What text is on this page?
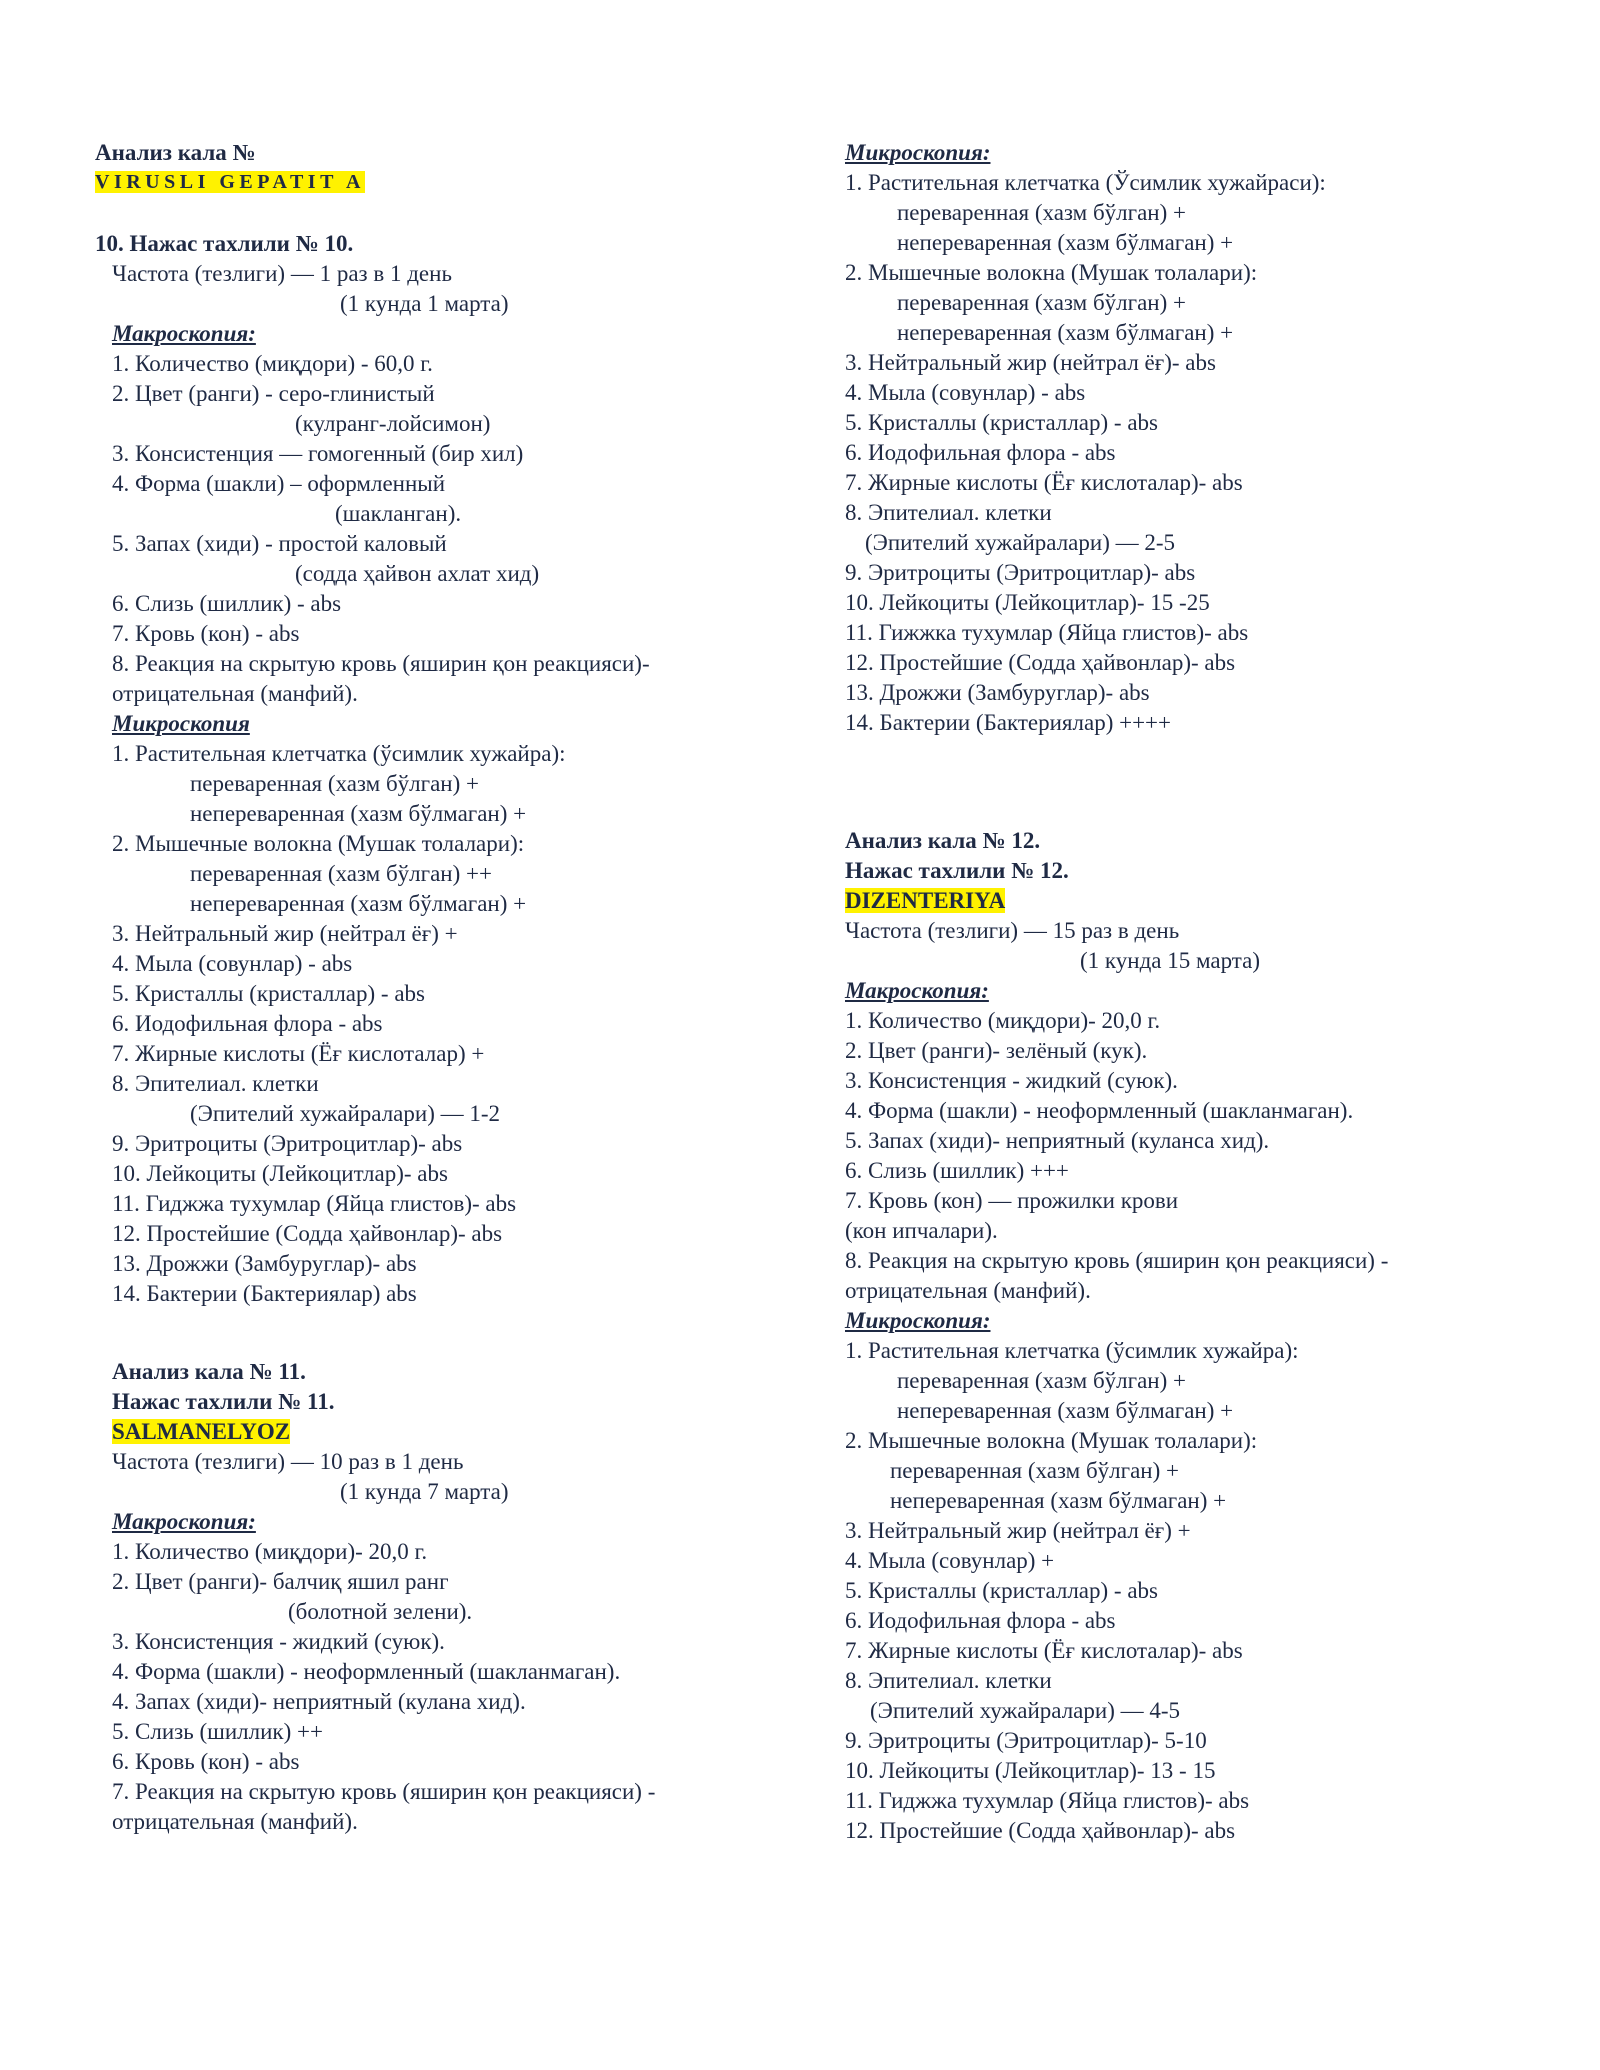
Анализ кала №
VIRUSLI GEPATIT A
10. Нажас тахлили № 10.
Частота (тезлиги) — 1 раз в 1 день
(1 кунда 1 марта)
Макроскопия:
1. Количество (миқдори) - 60,0 г.
2. Цвет (ранги) - серо-глинистый
(кулранг-лойсимон)
3. Консистенция — гомогенный (бир хил)
4. Форма (шакли) – оформленный
(шакланган).
5. Запах (хиди) - простой каловый
(содда ҳайвон ахлат хид)
6. Слизь (шиллик) - abs
7. Кровь (кон) - abs
8. Реакция на скрытую кровь (яширин қон реакцияси)-
отрицательная (манфий).
Микроскопия
1. Растительная клетчатка (ўсимлик хужайра):
переваренная (хазм бўлган) +
непереваренная (хазм бўлмаган) +
2. Мышечные волокна (Мушак толалари):
переваренная (хазм бўлган) ++
непереваренная (хазм бўлмаган) +
3. Нейтральный жир (нейтрал ёғ) +
4. Мыла (совунлар) - abs
5. Кристаллы (кристаллар) - abs
6. Иодофильная флора - abs
7. Жирные кислоты (Ёғ кислоталар) +
8. Эпителиал. клетки
(Эпителий хужайралари) — 1-2
9. Эритроциты (Эритроцитлар)- abs
10. Лейкоциты (Лейкоцитлар)- abs
11. Гиджжа тухумлар (Яйца глистов)- abs
12. Простейшие (Содда ҳайвонлар)- abs
13. Дрожжи (Замбуруглар)- abs
14. Бактерии (Бактериялар) abs
Анализ кала № 11.
Нажас тахлили № 11.
SALMANELYOZ
Частота (тезлиги) — 10 раз в 1 день
(1 кунда 7 марта)
Макроскопия:
1. Количество (миқдори)- 20,0 г.
2. Цвет (ранги)- балчиқ яшил ранг
(болотной зелени).
3. Консистенция - жидкий (суюк).
4. Форма (шакли) - неоформленный (шакланмаган).
4. Запах (хиди)- неприятный (кулана хид).
5. Слизь (шиллик) ++
6. Кровь (кон) - abs
7. Реакция на скрытую кровь (яширин қон реакцияси) -
отрицательная (манфий).
Микроскопия:
1. Растительная клетчатка (Ўсимлик хужайраси):
переваренная (хазм бўлган) +
непереваренная (хазм бўлмаган) +
2. Мышечные волокна (Мушак толалари):
переваренная (хазм бўлган) +
непереваренная (хазм бўлмаган) +
3. Нейтральный жир (нейтрал ёғ)- abs
4. Мыла (совунлар) - abs
5. Кристаллы (кристаллар) - abs
6. Иодофильная флора - abs
7. Жирные кислоты (Ёғ кислоталар)- abs
8. Эпителиал. клетки
(Эпителий хужайралари) — 2-5
9. Эритроциты (Эритроцитлар)- abs
10. Лейкоциты (Лейкоцитлар)- 15 -25
11. Гижжка тухумлар (Яйца глистов)- abs
12. Простейшие (Содда ҳайвонлар)- abs
13. Дрожжи (Замбуруглар)- abs
14. Бактерии (Бактериялар) ++++
Анализ кала № 12.
Нажас тахлили № 12.
DIZENTERIYA
Частота (тезлиги) — 15 раз в день
(1 кунда 15 марта)
Макроскопия:
1. Количество (миқдори)- 20,0 г.
2. Цвет (ранги)- зелёный (кук).
3. Консистенция - жидкий (суюк).
4. Форма (шакли) - неоформленный (шакланмаган).
5. Запах (хиди)- неприятный (куланса хид).
6. Слизь (шиллик) +++
7. Кровь (кон) — прожилки крови
(кон ипчалари).
8. Реакция на скрытую кровь (яширин қон реакцияси) -
отрицательная (манфий).
Микроскопия:
1. Растительная клетчатка (ўсимлик хужайра):
переваренная (хазм бўлган) +
непереваренная (хазм бўлмаган) +
2. Мышечные волокна (Мушак толалари):
переваренная (хазм бўлган) +
непереваренная (хазм бўлмаган) +
3. Нейтральный жир (нейтрал ёғ) +
4. Мыла (совунлар) +
5. Кристаллы (кристаллар) - abs
6. Иодофильная флора - abs
7. Жирные кислоты (Ёғ кислоталар)- abs
8. Эпителиал. клетки
(Эпителий хужайралари) — 4-5
9. Эритроциты (Эритроцитлар)- 5-10
10. Лейкоциты (Лейкоцитлар)- 13 - 15
11. Гиджжа тухумлар (Яйца глистов)- abs
12. Простейшие (Содда ҳайвонлар)- abs
